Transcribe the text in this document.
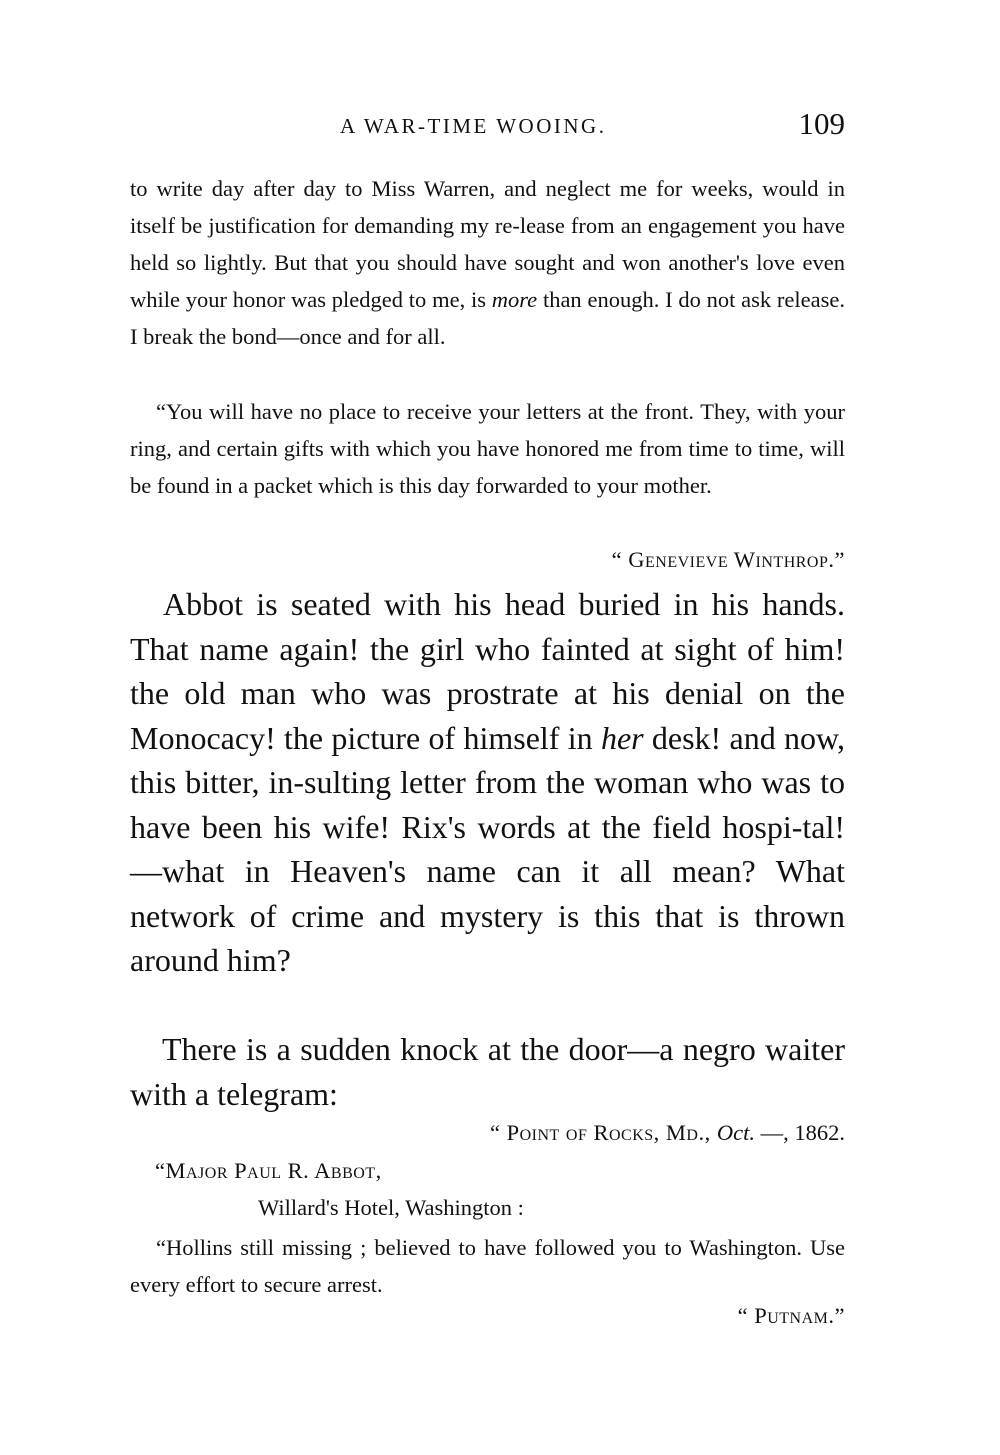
A WAR-TIME WOOING.	109
to write day after day to Miss Warren, and neglect me for weeks, would in itself be justification for demanding my re-lease from an engagement you have held so lightly. But that you should have sought and won another's love even while your honor was pledged to me, is more than enough. I do not ask release. I break the bond—once and for all.
“You will have no place to receive your letters at the front. They, with your ring, and certain gifts with which you have honored me from time to time, will be found in a packet which is this day forwarded to your mother.
“ Genevieve Winthrop.”
Abbot is seated with his head buried in his hands. That name again! the girl who fainted at sight of him! the old man who was prostrate at his denial on the Monocacy! the picture of himself in her desk! and now, this bitter, in-sulting letter from the woman who was to have been his wife! Rix's words at the field hospi-tal!—what in Heaven's name can it all mean? What network of crime and mystery is this that is thrown around him?
There is a sudden knock at the door—a negro waiter with a telegram:
“ Point of Rocks, Md., Oct. —, 1862.
“Major Paul R. Abbot,
Willard's Hotel, Washington :
“Hollins still missing ; believed to have followed you to Washington. Use every effort to secure arrest.
“ Putnam.”
